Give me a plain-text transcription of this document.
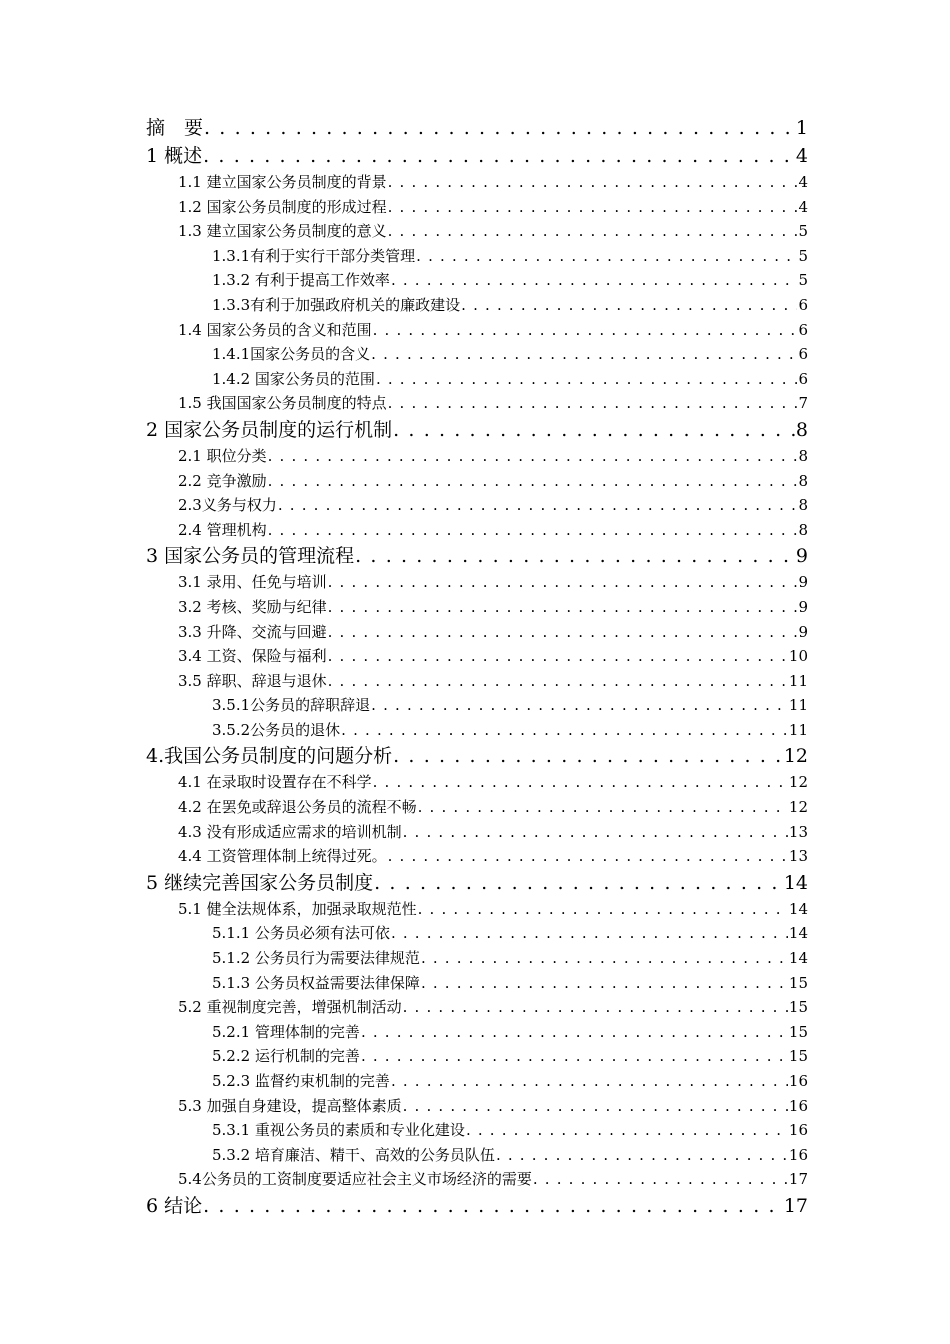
摘　要 . . .	1
1 概述 . . .	4
1.1 建立国家公务员制度的背景 . . .	4
1.2 国家公务员制度的形成过程 . . .	4
1.3 建立国家公务员制度的意义 . . .	5
1.3.1有利于实行干部分类管理 . . .	5
1.3.2 有利于提高工作效率 . . .	5
1.3.3有利于加强政府机关的廉政建设 . . .	6
1.4 国家公务员的含义和范围 . . .	6
1.4.1国家公务员的含义 . . .	6
1.4.2 国家公务员的范围 . . .	6
1.5 我国国家公务员制度的特点 . . .	7
2 国家公务员制度的运行机制 . . .	8
2.1 职位分类 . . .	8
2.2 竞争激励 . . .	8
2.3义务与权力 . . .	8
2.4 管理机构 . . .	8
3 国家公务员的管理流程 . . .	9
3.1 录用、任免与培训 . . .	9
3.2 考核、奖励与纪律 . . .	9
3.3 升降、交流与回避 . . .	9
3.4 工资、保险与福利 . . .	10
3.5 辞职、辞退与退休 . . .	11
3.5.1公务员的辞职辞退 . . .	11
3.5.2公务员的退休 . . .	11
4.我国公务员制度的问题分析 . . .	12
4.1 在录取时设置存在不科学 . . .	12
4.2 在罢免或辞退公务员的流程不畅 . . .	12
4.3 没有形成适应需求的培训机制 . . .	13
4.4 工资管理体制上统得过死。 . . .	13
5 继续完善国家公务员制度 . . .	14
5.1 健全法规体系，加强录取规范性 . . .	14
5.1.1 公务员必须有法可依 . . .	14
5.1.2 公务员行为需要法律规范 . . .	14
5.1.3 公务员权益需要法律保障 . . .	15
5.2 重视制度完善，增强机制活动 . . .	15
5.2.1 管理体制的完善 . . .	15
5.2.2 运行机制的完善 . . .	15
5.2.3 监督约束机制的完善 . . .	16
5.3 加强自身建设，提高整体素质 . . .	16
5.3.1 重视公务员的素质和专业化建设 . . .	16
5.3.2 培育廉洁、精干、高效的公务员队伍 . . .	16
5.4公务员的工资制度要适应社会主义市场经济的需要 . . .	17
6 结论 . . .	17
